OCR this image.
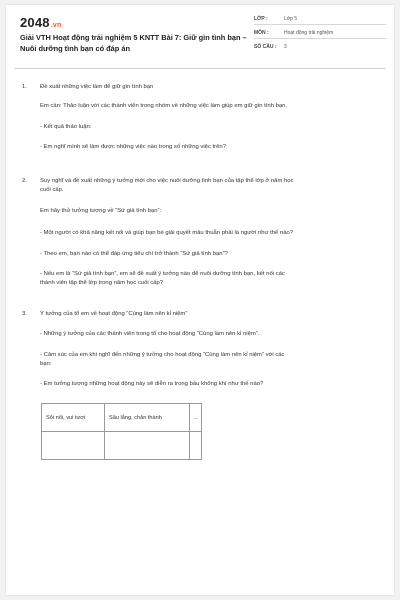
2048.vn
Giải VTH Hoạt động trải nghiệm 5 KNTT Bài 7: Giữ gìn tình bạn – Nuôi dưỡng tình bạn có đáp án
LỚP :	Lớp 5
MÔN :	Hoạt động trải nghiệm
SỐ CÂU : 3
1. Đề xuất những việc làm để giữ gìn tình bạn
Em cần: Thảo luận với các thành viên trong nhóm về những việc làm giúp em giữ gìn tình bạn.
- Kết quả thảo luận:
- Em nghĩ mình sẽ làm được những việc nào trong số những việc trên?
2. Suy nghĩ và đề xuất những ý tưởng mới cho việc nuôi dưỡng tình bạn của tập thể lớp ở năm học
cuối cấp.
Em hãy thử tưởng tượng về “Sứ giả tình bạn”:
- Một người có khả năng kết nối và giúp bạn bè giải quyết mâu thuẫn phải là người như thế nào?
- Theo em, bạn nào có thể đáp ứng tiêu chí trở thành “Sứ giả tình bạn”?
- Nếu em là “Sứ giả tình bạn”, em sẽ đề xuất ý tưởng nào để nuôi dưỡng tình bạn, kết nối các
thành viên tập thể lớp trong năm học cuối cấp?
3. Ý tưởng của tổ em về hoạt động “Cùng làm nên kỉ niệm”
- Những ý tưởng của các thành viên trong tổ cho hoạt động “Cùng làm nên kỉ niệm”.
- Cảm xúc của em khi nghĩ đến những ý tưởng cho hoạt động “Cùng làm nên kỉ niệm” với các
bạn:
- Em tưởng tượng những hoạt động này sẽ diễn ra trong bầu không khí như thế nào?
Sôi nổi, vui tươi	Sâu lắng, chân thành	...
